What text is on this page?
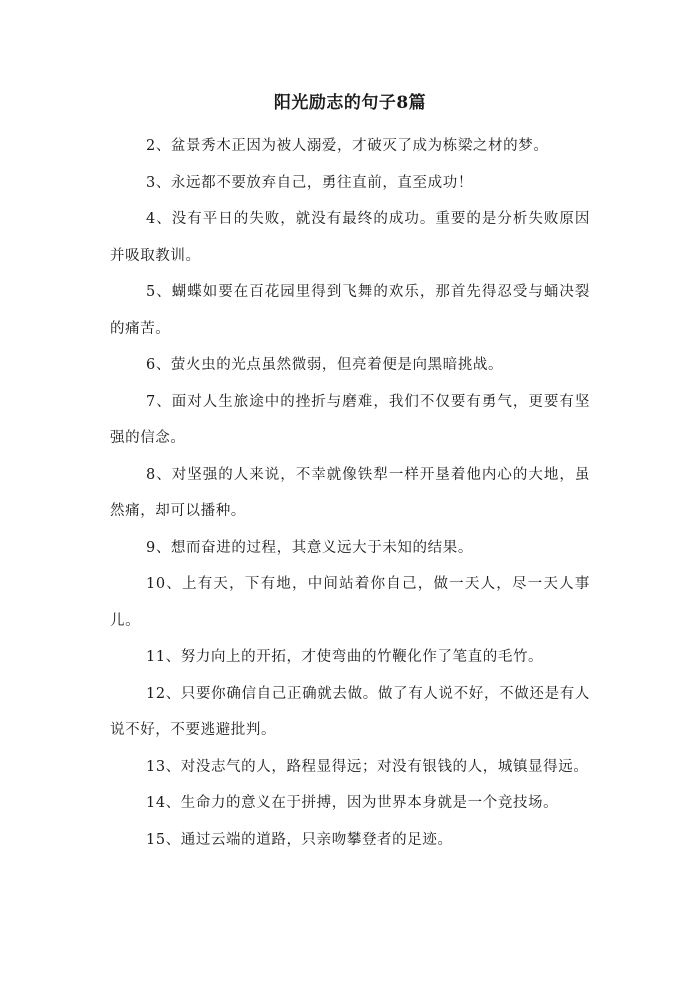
阳光励志的句子8篇

2、盆景秀木正因为被人溺爱，才破灭了成为栋梁之材的梦。

3、永远都不要放弃自己，勇往直前，直至成功！

4、没有平日的失败，就没有最终的成功。重要的是分析失败原因并吸取教训。

5、蝴蝶如要在百花园里得到飞舞的欢乐，那首先得忍受与蛹决裂的痛苦。

6、萤火虫的光点虽然微弱，但亮着便是向黑暗挑战。

7、面对人生旅途中的挫折与磨难，我们不仅要有勇气，更要有坚强的信念。

8、对坚强的人来说，不幸就像铁犁一样开垦着他内心的大地，虽然痛，却可以播种。

9、想而奋进的过程，其意义远大于未知的结果。

10、上有天，下有地，中间站着你自己，做一天人，尽一天人事儿。

11、努力向上的开拓，才使弯曲的竹鞭化作了笔直的毛竹。

12、只要你确信自己正确就去做。做了有人说不好，不做还是有人说不好，不要逃避批判。

13、对没志气的人，路程显得远；对没有银钱的人，城镇显得远。

14、生命力的意义在于拼搏，因为世界本身就是一个竞技场。

15、通过云端的道路，只亲吻攀登者的足迹。
